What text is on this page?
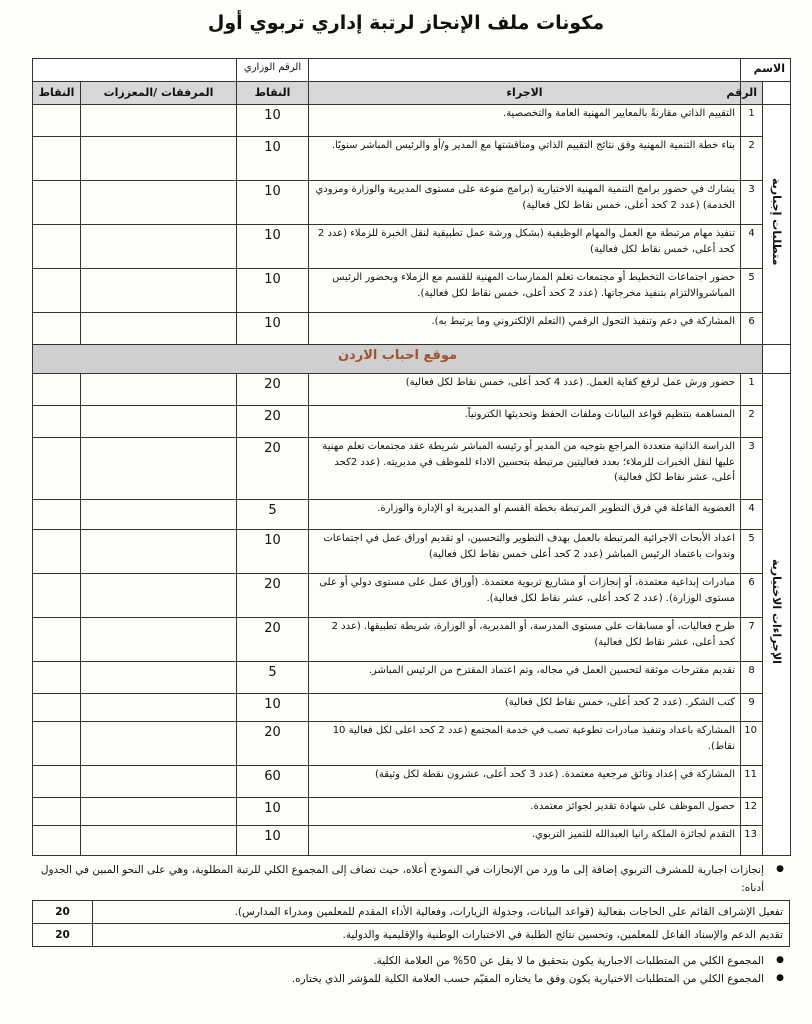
مكونات ملف الإنجاز لرتبة إداري تربوي أول
الاسم			الرقم الوزاري		
	الرقم	الاجراء	النقاط	المرفقات /المعززات	النقاط
متطلبات إجبارية	1	التقييم الذاتي مقارنةً بالمعايير المهنية العامة والتخصصية.	10		
	2	بناء خطة التنمية المهنية وفق نتائج التقييم الذاتي ومناقشتها مع المدير و/أو والرئيس المباشر سنويًا.	10		
	3	يشارك في حضور برامج التنمية المهنية الاختيارية (برامج منوعة على مستوى المديرية والوزارة ومزودي الخدمة) (عدد 2 كحد أعلى، خمس نقاط لكل فعالية)	10		
	4	تنفيذ مهام مرتبطة مع العمل والمهام الوظيفية (بشكل ورشة عمل تطبيقية لنقل الخبرة للزملاء (عدد 2 كحد أعلى، خمس نقاط لكل فعالية)	10		
	5	حضور اجتماعات التخطيط أو مجتمعات تعلم الممارسات المهنية للقسم مع الزملاء وبحضور الرئيس المباشروالالتزام بتنفيذ مخرجاتها. (عدد 2 كحد أعلى، خمس نقاط لكل فعالية).	10		
	6	المشاركة في دعم وتنفيذ التحول الرقمي (التعلم الإلكتروني وما يرتبط به).	10		
	موقع احباب الاردن				
الإجراءات الاختيارية	1	حضور ورش عمل لرفع كفاية العمل. (عدد 4 كحد أعلى، خمس نقاط لكل فعالية)	20		
	2	المساهمة بتنظيم قواعد البيانات وملفات الحفظ وتحديثها الكترونياً.	20		
	3	الدراسة الذاتية متعددة المراجع بتوجيه من المدير أو رئيسه المباشر شريطة عقد مجتمعات تعلم مهنية عليها لنقل الخبرات للزملاء؛ بعدد فعاليتين مرتبطة بتحسين الاداء للموظف في مديريته. (عدد 2كحد أعلى، عشر نقاط لكل فعالية)	20		
	4	العضوية الفاعلة في فرق التطوير المرتبطة بخطة القسم او المديرية او الإدارة والوزارة.	5		
	5	اعداد الأبحاث الاجرائية المرتبطة بالعمل بهدف التطوير والتحسين، او تقديم اوراق عمل في اجتماعات وندوات باعتماد الرئيس المباشر (عدد 2 كحد أعلى خمس نقاط لكل فعالية)	10		
	6	مبادرات إبداعية معتمدة، أو إنجازات أو مشاريع تربوية معتمدة. (أوراق عمل على مستوى دولي أو على مستوى الوزارة). (عدد 2 كحد أعلى، عشر نقاط لكل فعالية).	20		
	7	طرح فعاليات، أو مسابقات على مستوى المدرسة، أو المديرية، أو الوزارة، شريطة تطبيقها. (عدد 2 كحد أعلى، عشر نقاط لكل فعالية)	20		
	8	تقديم مقترحات موثقة لتحسين العمل في مجاله، وتم اعتماد المقترح من الرئيس المباشر.	5		
	9	كتب الشكر. (عدد 2 كحد أعلى، خمس نقاط لكل فعالية)	10		
	10	المشاركة باعداد وتنفيذ مبادرات تطوعية تصب في خدمة المجتمع (عدد 2 كحد اعلى لكل فعالية 10 نقاط).	20		
	11	المشاركة في إعداد وثائق مرجعية معتمدة. (عدد 3 كحد أعلى، عشرون نقطة لكل وثيقة)	60		
	12	حصول الموظف على شهادة تقدير لجوائز معتمدة.	10		
	13	التقدم لجائزة الملكة رانيا العبدالله للتميز التربوي.	10		
● إنجازات اجبارية للمشرف التربوي إضافة إلى ما ورد من الإنجازات في النموذج أعلاه، حيث تضاف إلى المجموع الكلي للرتبة المطلوبة، وهي على النحو المبين في الجدول أدناه:
تفعيل الإشراف القائم على الحاجات بفعالية (قواعد البيانات، وجدولة الزيارات، وفعالية الأداء المقدم للمعلمين ومدراء المدارس).	20
تقديم الدعم والإسناد الفاعل للمعلمين، وتحسين نتائج الطلبة في الاختبارات الوطنية والإقليمية والدولية.	20
● المجموع الكلي من المتطلبات الاجبارية يكون بتحقيق ما لا يقل عن 50% من العلامة الكلية.
● المجموع الكلي من المتطلبات الاختيارية يكون وفق ما يختاره المقيّم حسب العلامة الكلية للمؤشر الذي يختاره.
